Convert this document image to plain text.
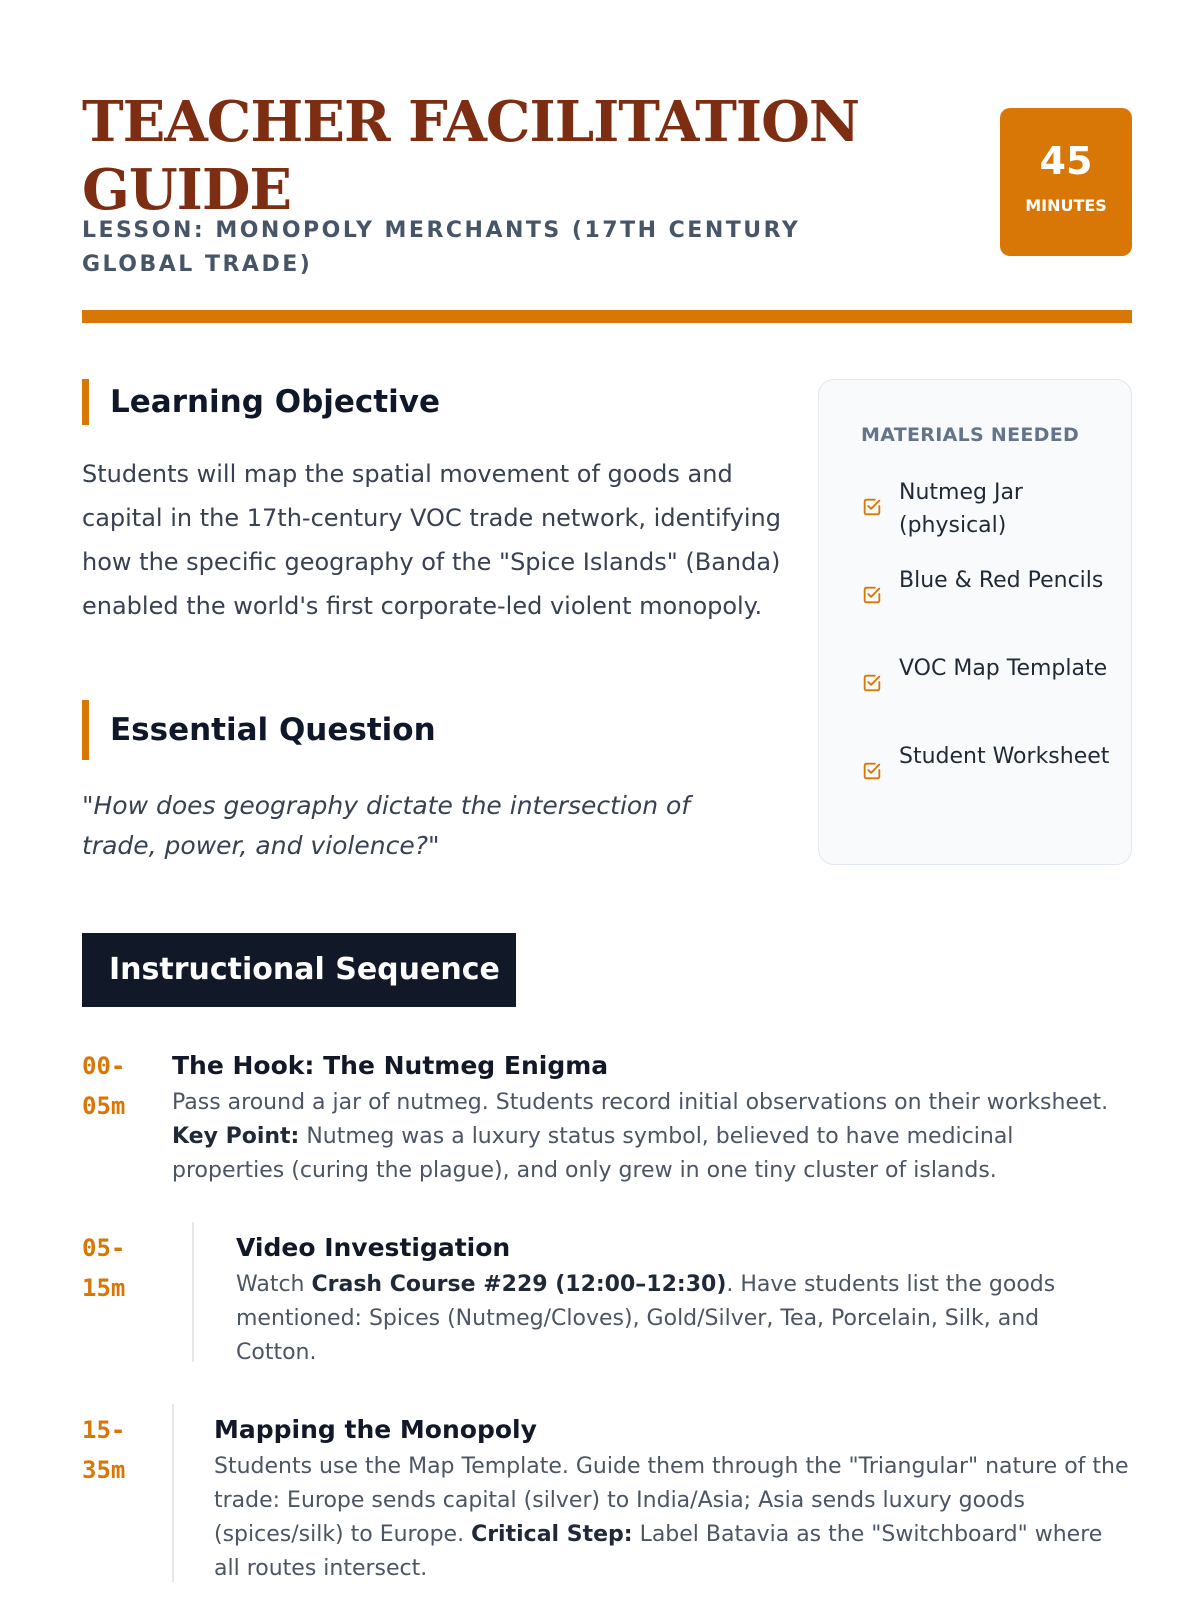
TEACHER FACILITATION GUIDE
LESSON: MONOPOLY MERCHANTS (17TH CENTURY GLOBAL TRADE)
45
MINUTES
Learning Objective

Students will map the spatial movement of goods and capital in the 17th-century VOC trade network, identifying how the specific geography of the "Spice Islands" (Banda) enabled the world's first corporate-led violent monopoly.

Essential Question

"How does geography dictate the intersection of trade, power, and violence?"

MATERIALS NEEDED
Nutmeg Jar (physical)
Blue & Red Pencils
VOC Map Template
Student Worksheet
Instructional Sequence
00-
05m
The Hook: The Nutmeg Enigma

Pass around a jar of nutmeg. Students record initial observations on their worksheet.
Key Point: Nutmeg was a luxury status symbol, believed to have medicinal properties (curing the plague), and only grew in one tiny cluster of islands.

05-
15m
Video Investigation

Watch Crash Course #229 (12:00–12:30). Have students list the goods mentioned: Spices (Nutmeg/Cloves), Gold/Silver, Tea, Porcelain, Silk, and Cotton.

15-
35m
Mapping the Monopoly

Students use the Map Template. Guide them through the "Triangular" nature of the trade: Europe sends capital (silver) to India/Asia; Asia sends luxury goods (spices/silk) to Europe. Critical Step: Label Batavia as the "Switchboard" where all routes intersect.
